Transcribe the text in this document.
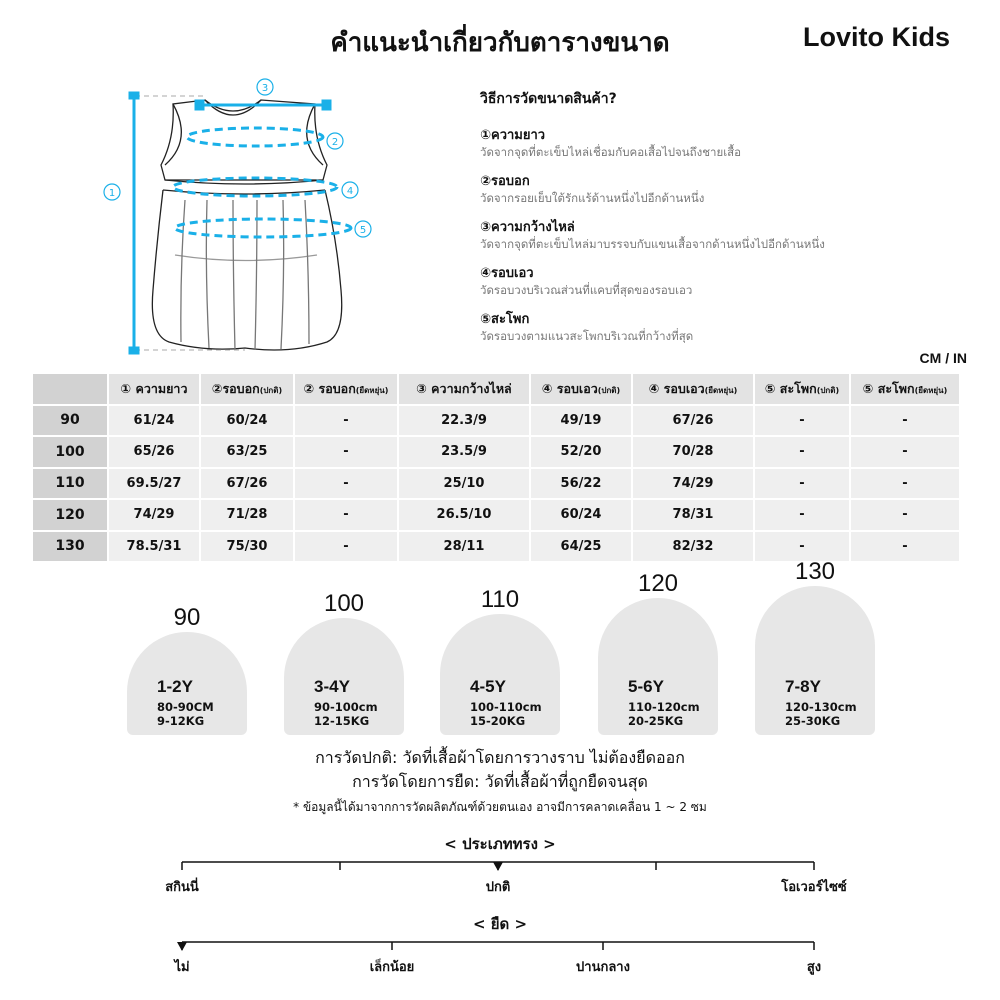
คำแนะนำเกี่ยวกับตารางขนาด	Lovito Kids
1
3
2
4
5
วิธีการวัดขนาดสินค้า?
①ความยาว
วัดจากจุดที่ตะเข็บไหล่เชื่อมกับคอเสื้อไปจนถึงชายเสื้อ
②รอบอก
วัดจากรอยเย็บใต้รักแร้ด้านหนึ่งไปอีกด้านหนึ่ง
③ความกว้างไหล่
วัดจากจุดที่ตะเข็บไหล่มาบรรจบกับแขนเสื้อจากด้านหนึ่งไปอีกด้านหนึ่ง
④รอบเอว
วัดรอบวงบริเวณส่วนที่แคบที่สุดของรอบเอว
⑤สะโพก
วัดรอบวงตามแนวสะโพกบริเวณที่กว้างที่สุด
CM / IN
	① ความยาว	②รอบอก(ปกติ)	② รอบอก(ยืดหยุ่น)	③ ความกว้างไหล่	④ รอบเอว(ปกติ)	④ รอบเอว(ยืดหยุ่น)	⑤ สะโพก(ปกติ)	⑤ สะโพก(ยืดหยุ่น)
90	61/24	60/24	-	22.3/9	49/19	67/26	-	-
100	65/26	63/25	-	23.5/9	52/20	70/28	-	-
110	69.5/27	67/26	-	25/10	56/22	74/29	-	-
120	74/29	71/28	-	26.5/10	60/24	78/31	-	-
130	78.5/31	75/30	-	28/11	64/25	82/32	-	-
90
1-2Y
80-90CM
9-12KG
100
3-4Y
90-100cm
12-15KG
110
4-5Y
100-110cm
15-20KG
120
5-6Y
110-120cm
20-25KG
130
7-8Y
120-130cm
25-30KG
การวัดปกติ: วัดที่เสื้อผ้าโดยการวางราบ ไม่ต้องยืดออก
การวัดโดยการยืด: วัดที่เสื้อผ้าที่ถูกยืดจนสุด
* ข้อมูลนี้ได้มาจากการวัดผลิตภัณฑ์ด้วยตนเอง อาจมีการคลาดเคลื่อน 1 ~ 2 ซม
< ประเภททรง >
สกินนี่	ปกติ	โอเวอร์ไซซ์
< ยืด >
ไม่	เล็กน้อย	ปานกลาง	สูง
